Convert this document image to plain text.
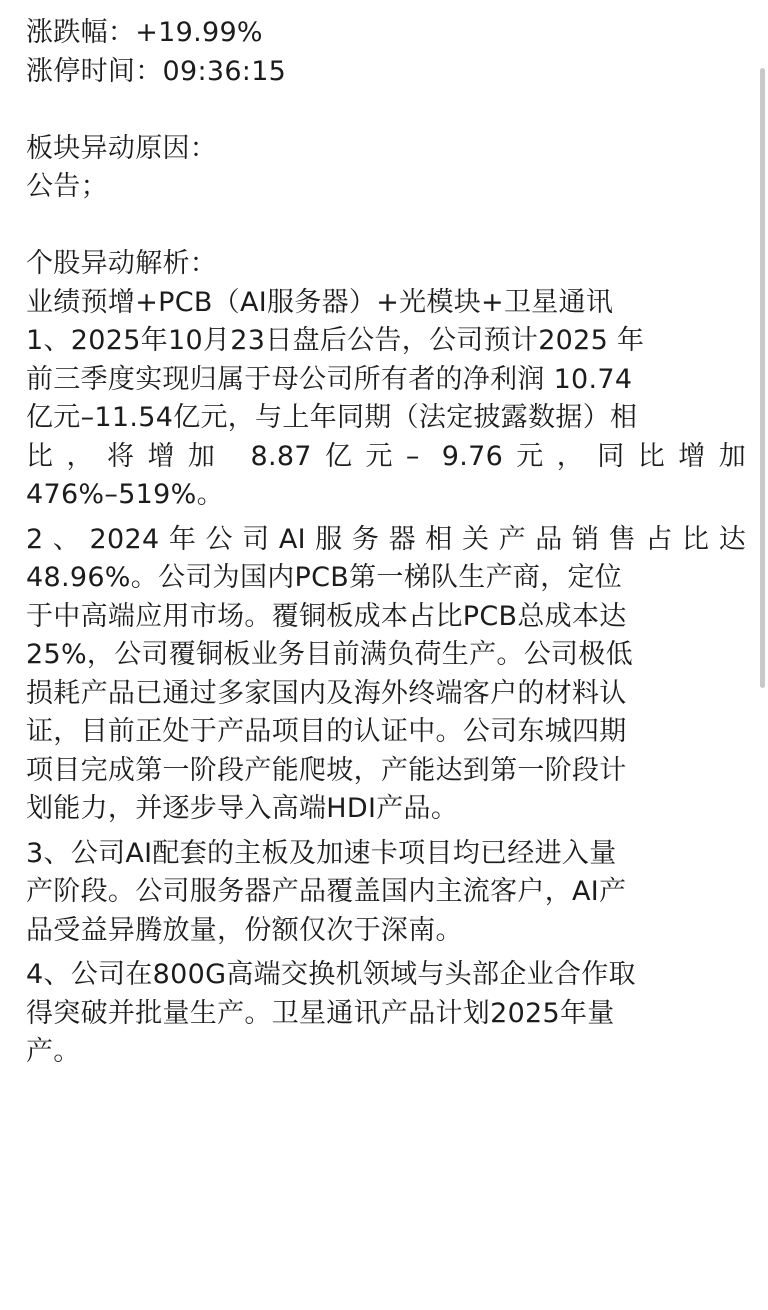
涨跌幅：+19.99%
涨停时间：09:36:15
板块异动原因：
公告；
个股异动解析：
业绩预增+PCB（AI服务器）+光模块+卫星通讯
1、2025年10月23日盘后公告，公司预计2025 年
前三季度实现归属于母公司所有者的净利润 10.74
亿元–11.54亿元，与上年同期（法定披露数据）相
比，将增加 8.87亿元– 9.76元，同比增加
476%–519%。
2、2024年公司AI服务器相关产品销售占比达
48.96%。公司为国内PCB第一梯队生产商，定位
于中高端应用市场。覆铜板成本占比PCB总成本达
25%，公司覆铜板业务目前满负荷生产。公司极低
损耗产品已通过多家国内及海外终端客户的材料认
证，目前正处于产品项目的认证中。公司东城四期
项目完成第一阶段产能爬坡，产能达到第一阶段计
划能力，并逐步导入高端HDI产品。
3、公司AI配套的主板及加速卡项目均已经进入量
产阶段。公司服务器产品覆盖国内主流客户，AI产
品受益异腾放量，份额仅次于深南。
4、公司在800G高端交换机领域与头部企业合作取
得突破并批量生产。卫星通讯产品计划2025年量
产。
